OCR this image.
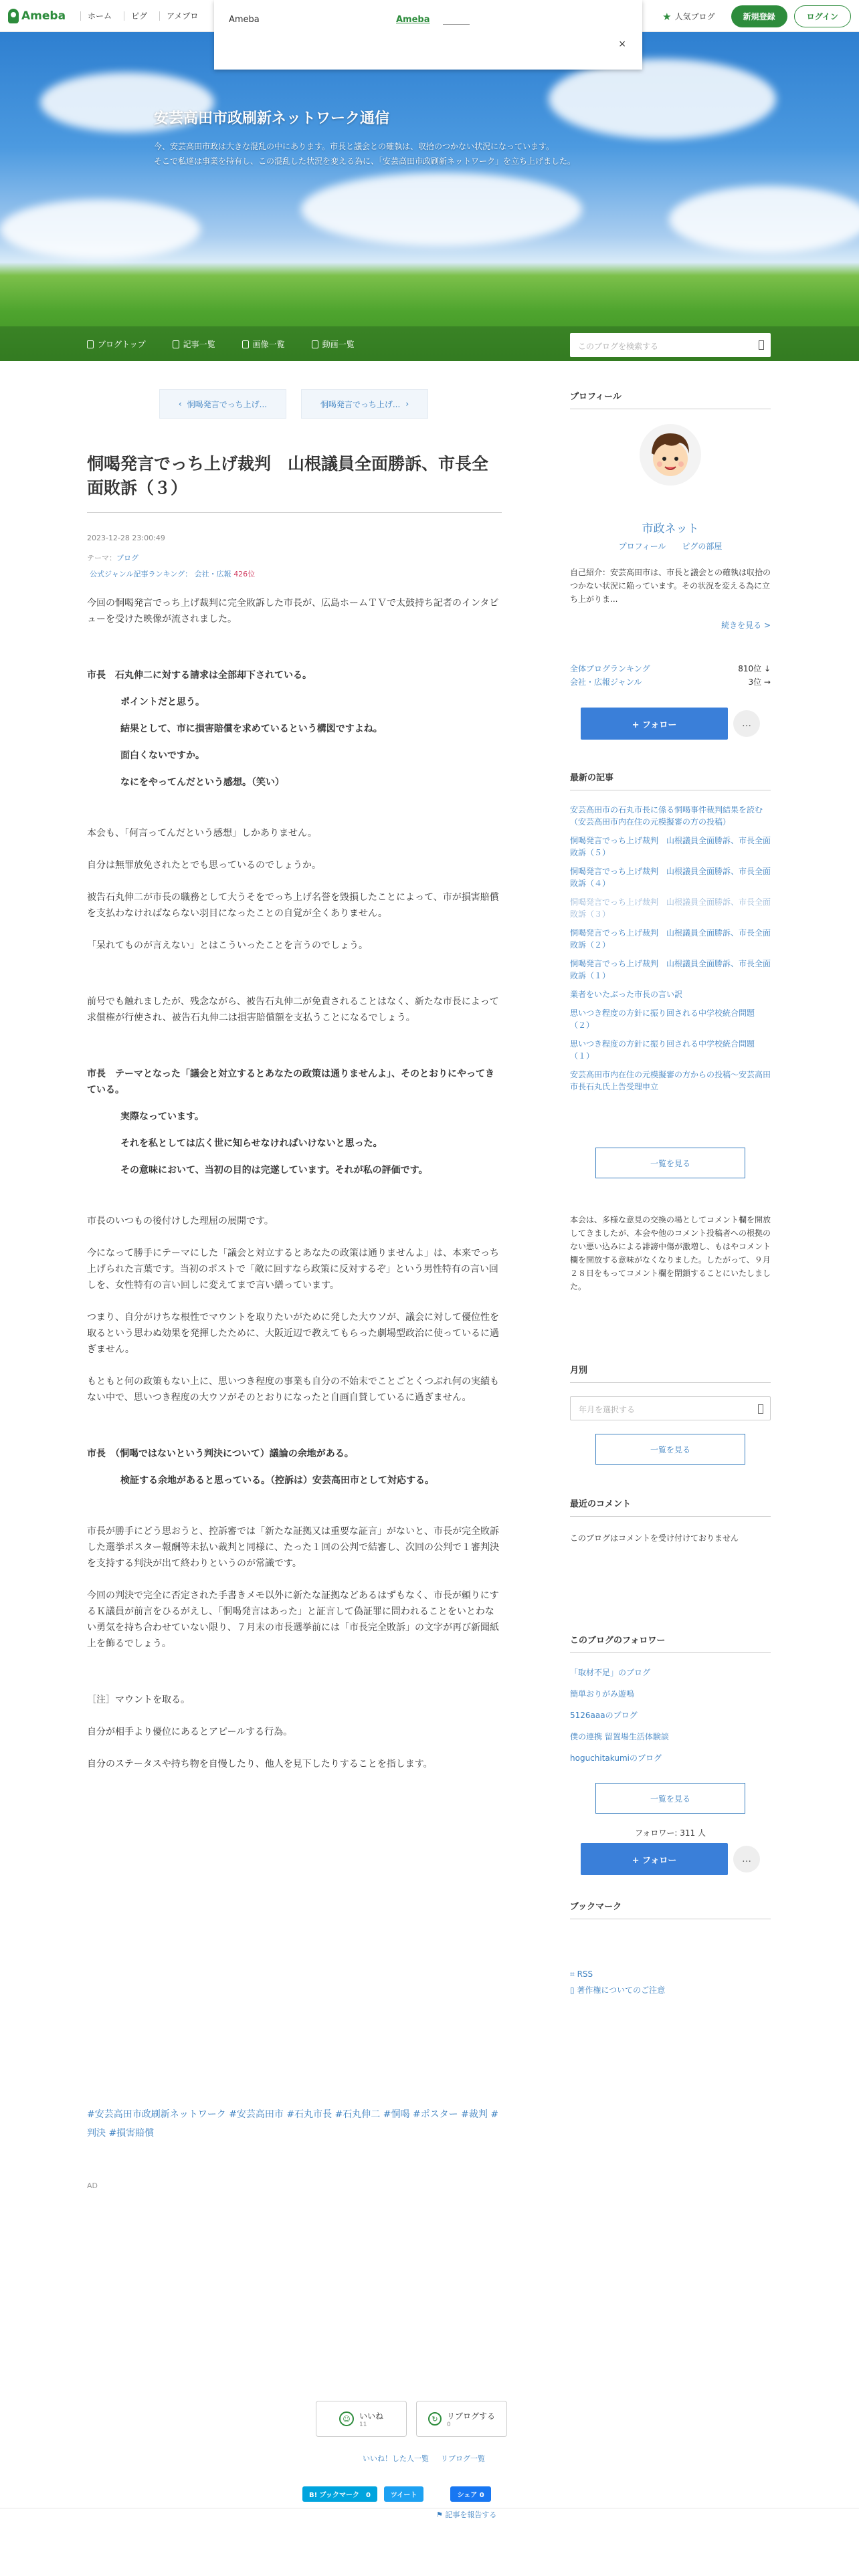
Ameba	ホーム	ピグ	アメブロ	★ 人気ブログ	新規登録	ログイン
安芸高田市政刷新ネットワーク通信
今、安芸高田市政は大きな混乱の中にあります。市長と議会との確執は、収拾のつかない状況になっています。
そこで私達は事業を持有し、この混乱した状況を変える為に、「安芸高田市政刷新ネットワーク」を立ち上げました。
ブログトップ	記事一覧	画像一覧	動画一覧	このブログを検索する
Ameba	Ameba
×
‹ 恫喝発言でっち上げ...	恫喝発言でっち上げ... ›
恫喝発言でっち上げ裁判　山根議員全面勝訴、市長全面敗訴（３）
2023-12-28 23:00:49
テーマ：ブログ
公式ジャンル記事ランキング： 会社・広報 426位

今回の恫喝発言でっち上げ裁判に完全敗訴した市長が、広島ホームＴＶで太鼓持ち記者のインタビューを受けた映像が流されました。

市長　石丸伸二に対する請求は全部却下されている。

ポイントだと思う。

結果として、市に損害賠償を求めているという構図ですよね。

面白くないですか。

なにをやってんだという感想。（笑い）

本会も、「何言ってんだという感想」しかありません。

自分は無罪放免されたとでも思っているのでしょうか。

被告石丸伸二が市長の職務として大うそをでっち上げ名誉を毀損したことによって、市が損害賠償を支払わなければならない羽目になったことの自覚が全くありません。

「呆れてものが言えない」とはこういったことを言うのでしょう。

前号でも触れましたが、残念ながら、被告石丸伸二が免責されることはなく、新たな市長によって求償権が行使され、被告石丸伸二は損害賠償額を支払うことになるでしょう。

市長　テーマとなった「議会と対立するとあなたの政策は通りませんよ」、そのとおりにやってきている。

実際なっています。

それを私としては広く世に知らせなければいけないと思った。

その意味において、当初の目的は完遂しています。それが私の評価です。

市長のいつもの後付けした理屈の展開です。

今になって勝手にテーマにした「議会と対立するとあなたの政策は通りませんよ」は、本来でっち上げられた言葉です。当初のポストで「敵に回すなら政策に反対するぞ」という男性特有の言い回しを、女性特有の言い回しに変えてまで言い繕っています。

つまり、自分がけちな根性でマウントを取りたいがために発した大ウソが、議会に対して優位性を取るという思わぬ効果を発揮したために、大阪近辺で教えてもらった劇場型政治に使っているに過ぎません。

もともと何の政策もない上に、思いつき程度の事業も自分の不始末でことごとくつぶれ何の実績もない中で、思いつき程度の大ウソがそのとおりになったと自画自賛しているに過ぎません。

市長　（恫喝ではないという判決について）議論の余地がある。

検証する余地があると思っている。（控訴は）安芸高田市として対応する。

市長が勝手にどう思おうと、控訴審では「新たな証拠又は重要な証言」がないと、市長が完全敗訴した選挙ポスター報酬等未払い裁判と同様に、たった１回の公判で結審し、次回の公判で１審判決を支持する判決が出て終わりというのが常識です。

今回の判決で完全に否定された手書きメモ以外に新たな証拠などあるはずもなく、市長が頼りにするＫ議員が前言をひるがえし、「恫喝発言はあった」と証言して偽証罪に問われることをいとわない勇気を持ち合わせていない限り、７月末の市長選挙前には「市長完全敗訴」の文字が再び新聞紙上を飾るでしょう。

［注］マウントを取る。

自分が相手より優位にあるとアピールする行為。

自分のステータスや持ち物を自慢したり、他人を見下したりすることを指します。

#安芸高田市政刷新ネットワーク #安芸高田市 #石丸市長 #石丸伸二 #恫喝 #ポスター #裁判 #判決 #損害賠償
AD
☺	いいね
11
↻	リブログする
0
いいね！した人一覧 リブログ一覧
B! ブックマーク　0	ツイート	シェア 0
⚑ 記事を報告する
プロフィール
市政ネット
プロフィール ピグの部屋
自己紹介：安芸高田市は、市長と議会との確執は収拾のつかない状況に陥っています。その状況を変える為に立ち上がりま...
続きを見る >
全体ブログランキング	810位 ↓
会社・広報ジャンル	3位 →
+ フォロー	…
最新の記事
安芸高田市の石丸市長に係る恫喝事件裁判結果を読む（安芸高田市内在住の元模擬審の方の投稿）
恫喝発言でっち上げ裁判　山根議員全面勝訴、市長全面敗訴（５）
恫喝発言でっち上げ裁判　山根議員全面勝訴、市長全面敗訴（４）
恫喝発言でっち上げ裁判　山根議員全面勝訴、市長全面敗訴（３）
恫喝発言でっち上げ裁判　山根議員全面勝訴、市長全面敗訴（２）
恫喝発言でっち上げ裁判　山根議員全面勝訴、市長全面敗訴（１）
業者をいたぶった市長の言い訳
思いつき程度の方針に振り回される中学校統合問題（２）
思いつき程度の方針に振り回される中学校統合問題（１）
安芸高田市内在住の元模擬審の方からの投稿～安芸高田市長石丸氏上告受理申立
一覧を見る
本会は、多様な意見の交換の場としてコメント欄を開放してきましたが、本会や他のコメント投稿者への根拠のない悪い込みによる誹謗中傷が激増し、もはやコメント欄を開放する意味がなくなりました。したがって、９月２８日をもってコメント欄を閉鎖することにいたしました。
月別
年月を選択する
一覧を見る
最近のコメント

このブログはコメントを受け付けておりません

このブログのフォロワー
「取材不足」のブログ
簡単おりがみ遊嗚
5126aaaのブログ
僕の連携 留置場生活体験談
hoguchitakumiのブログ
一覧を見る
フォロワー: 311 人
+ フォロー	…
ブックマーク
⌗ RSS
▯ 著作権についてのご注意
